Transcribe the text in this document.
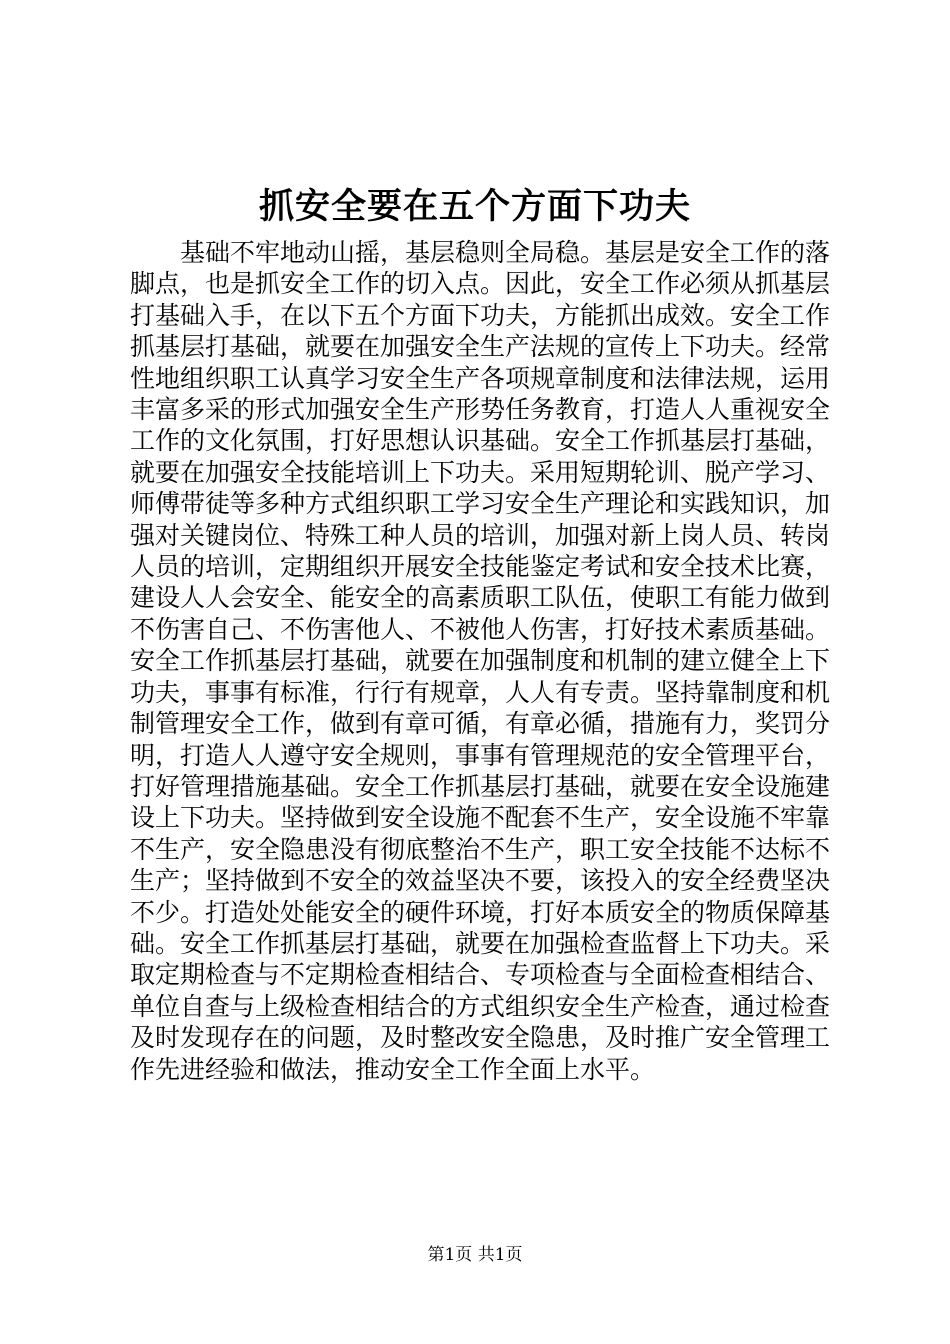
抓安全要在五个方面下功夫

基础不牢地动山摇，基层稳则全局稳。基层是安全工作的落脚点，也是抓安全工作的切入点。因此，安全工作必须从抓基层打基础入手，在以下五个方面下功夫，方能抓出成效。安全工作抓基层打基础，就要在加强安全生产法规的宣传上下功夫。经常性地组织职工认真学习安全生产各项规章制度和法律法规，运用丰富多采的形式加强安全生产形势任务教育，打造人人重视安全工作的文化氛围，打好思想认识基础。安全工作抓基层打基础，就要在加强安全技能培训上下功夫。采用短期轮训、脱产学习、师傅带徒等多种方式组织职工学习安全生产理论和实践知识，加强对关键岗位、特殊工种人员的培训，加强对新上岗人员、转岗人员的培训，定期组织开展安全技能鉴定考试和安全技术比赛，建设人人会安全、能安全的高素质职工队伍，使职工有能力做到不伤害自己、不伤害他人、不被他人伤害，打好技术素质基础。安全工作抓基层打基础，就要在加强制度和机制的建立健全上下功夫，事事有标准，行行有规章，人人有专责。坚持靠制度和机制管理安全工作，做到有章可循，有章必循，措施有力，奖罚分明，打造人人遵守安全规则，事事有管理规范的安全管理平台，打好管理措施基础。安全工作抓基层打基础，就要在安全设施建设上下功夫。坚持做到安全设施不配套不生产，安全设施不牢靠不生产，安全隐患没有彻底整治不生产，职工安全技能不达标不生产；坚持做到不安全的效益坚决不要，该投入的安全经费坚决不少。打造处处能安全的硬件环境，打好本质安全的物质保障基础。安全工作抓基层打基础，就要在加强检查监督上下功夫。采取定期检查与不定期检查相结合、专项检查与全面检查相结合、单位自查与上级检查相结合的方式组织安全生产检查，通过检查及时发现存在的问题，及时整改安全隐患，及时推广安全管理工作先进经验和做法，推动安全工作全面上水平。

第1页 共1页
